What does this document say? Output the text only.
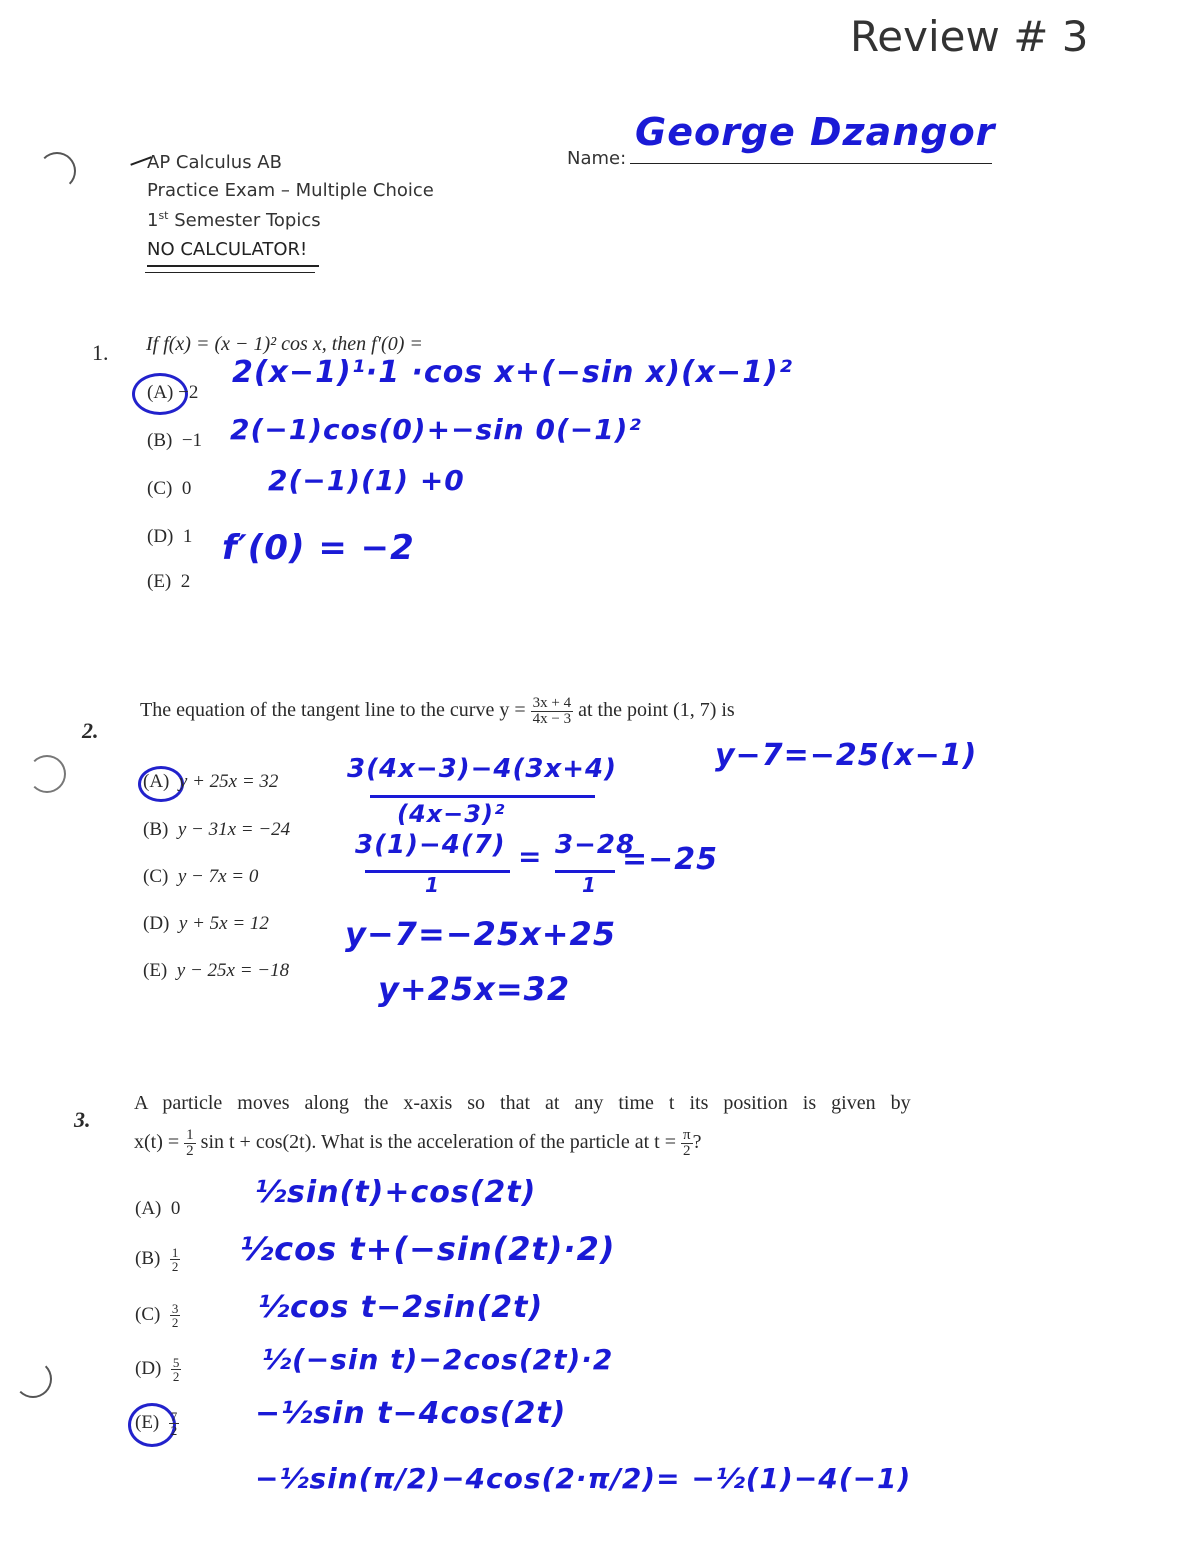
Review # 3
AP Calculus AB
Practice Exam – Multiple Choice
1st Semester Topics
NO CALCULATOR!
Name:
George Dzangor
1. If f(x) = (x − 1)² cos x, then f′(0) =
(A) −2
(B) −1
(C) 0
(D) 1
(E) 2
2(x−1)¹·1 ·cos x+(−sin x)(x−1)²
2(−1)cos(0)+−sin 0(−1)²
2(−1)(1) +0
f′(0) = −2
2.
The equation of the tangent line to the curve $y = \frac{3x + 4}{4x - 3}$ at the point (1, 7) is
(A) y + 25x = 32
(B) y − 31x = −24
(C) y − 7x = 0
(D) y + 5x = 12
(E) y − 25x = −18
y−7=−25(x−1)
3(4x−3)−4(3x+4)
(4x−3)²
3(1)−4(7) = 3−28
1	1
=−25
y−7=−25x+25
y+25x=32
3.
A particle moves along the x-axis so that at any time t its position is given by
$x(t) = \frac{1}{2}$ sin t + cos(2t). What is the acceleration of the particle at $t = \frac{\pi}{2}$ ?
(A) 0
$(B) \frac{1}{2}$
$(C) \frac{3}{2}$
$(D) \frac{5}{2}$
$(E) \frac{7}{2}$
½sin(t)+cos(2t)
½cos t+(−sin(2t)·2)
½cos t−2sin(2t)
½(−sin t)−2cos(2t)·2
−½sin t−4cos(2t)
−½sin(π/2)−4cos(2·π/2)= −½(1)−4(−1)
